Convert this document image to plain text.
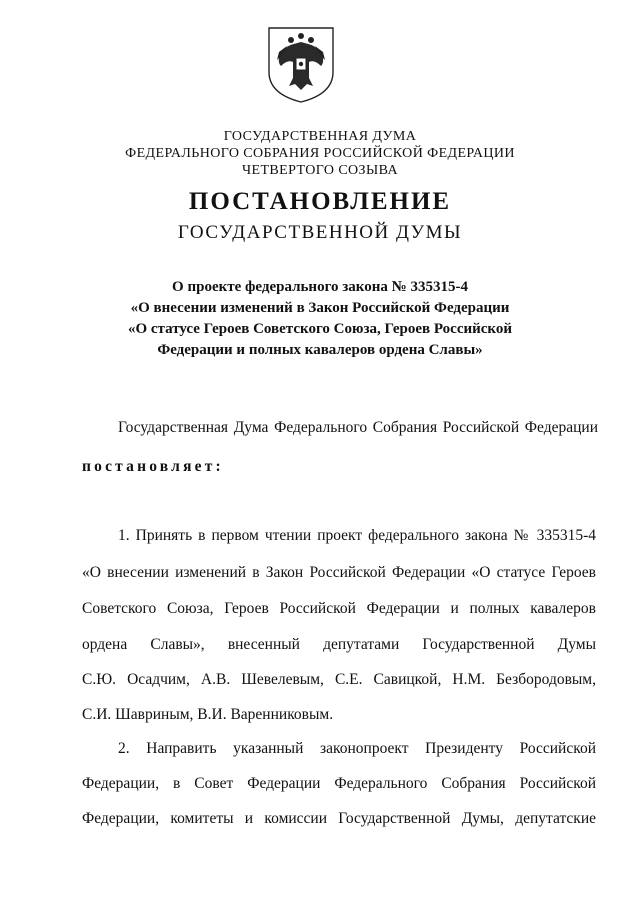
ГОСУДАРСТВЕННАЯ ДУМА
ФЕДЕРАЛЬНОГО СОБРАНИЯ РОССИЙСКОЙ ФЕДЕРАЦИИ
ЧЕТВЕРТОГО СОЗЫВА
ПОСТАНОВЛЕНИЕ
ГОСУДАРСТВЕННОЙ ДУМЫ
О проекте федерального закона № 335315-4
«О внесении изменений в Закон Российской Федерации
«О статусе Героев Советского Союза, Героев Российской
Федерации и полных кавалеров ордена Славы»
Государственная Дума Федерального Собрания Российской Федерации
постановляет:
1. Принять в первом чтении проект федерального закона № 335315-4
«О внесении изменений в Закон Российской Федерации «О статусе Героев
Советского Союза, Героев Российской Федерации и полных кавалеров
ордена Славы», внесенный депутатами Государственной Думы
С.Ю. Осадчим, А.В. Шевелевым, С.Е. Савицкой, Н.М. Безбородовым,
С.И. Шавриным, В.И. Варенниковым.
2. Направить указанный законопроект Президенту Российской
Федерации, в Совет Федерации Федерального Собрания Российской
Федерации, комитеты и комиссии Государственной Думы, депутатские
